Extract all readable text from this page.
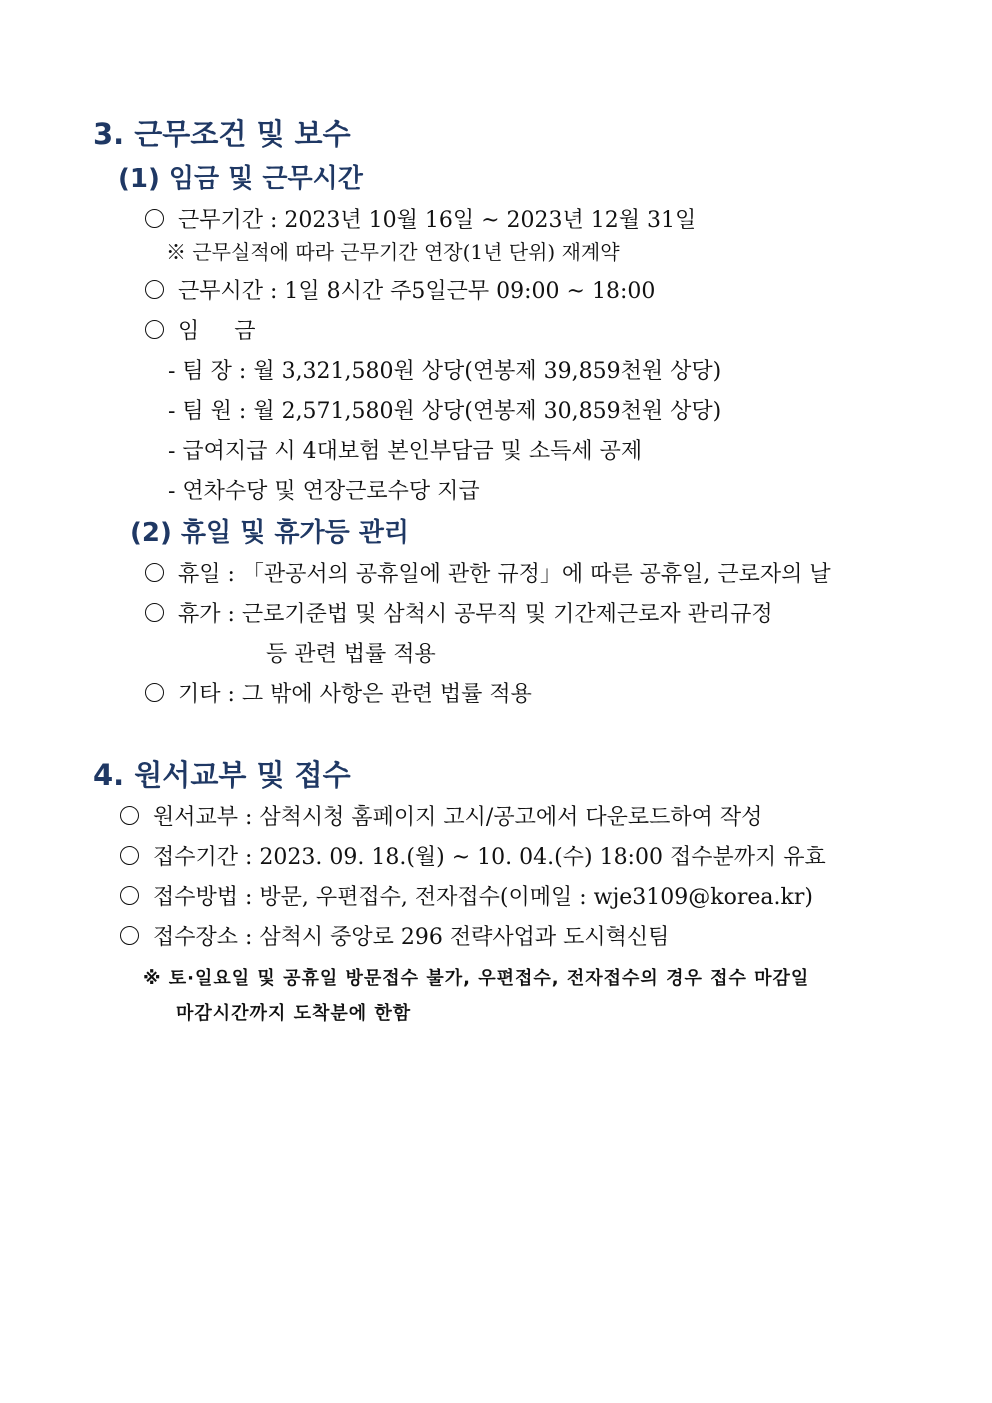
3. 근무조건 및 보수
(1) 임금 및 근무시간
근무기간 : 2023년 10월 16일 ~ 2023년 12월 31일
※ 근무실적에 따라 근무기간 연장(1년 단위) 재계약
근무시간 : 1일 8시간 주5일근무 09:00 ~ 18:00
임     금
- 팀 장 : 월 3,321,580원 상당(연봉제 39,859천원 상당)
- 팀 원 : 월 2,571,580원 상당(연봉제 30,859천원 상당)
- 급여지급 시 4대보험 본인부담금 및 소득세 공제
- 연차수당 및 연장근로수당 지급
(2) 휴일 및 휴가등 관리
휴일 : 「관공서의 공휴일에 관한 규정」에 따른 공휴일, 근로자의 날
휴가 : 근로기준법 및 삼척시 공무직 및 기간제근로자 관리규정
등 관련 법률 적용
기타 : 그 밖에 사항은 관련 법률 적용
4. 원서교부 및 접수
원서교부 : 삼척시청 홈페이지 고시/공고에서 다운로드하여 작성
접수기간 : 2023. 09. 18.(월) ~ 10. 04.(수) 18:00 접수분까지 유효
접수방법 : 방문, 우편접수, 전자접수(이메일 : wje3109@korea.kr)
접수장소 : 삼척시 중앙로 296 전략사업과 도시혁신팀
※ 토·일요일 및 공휴일 방문접수 불가, 우편접수, 전자접수의 경우 접수 마감일
마감시간까지 도착분에 한함
